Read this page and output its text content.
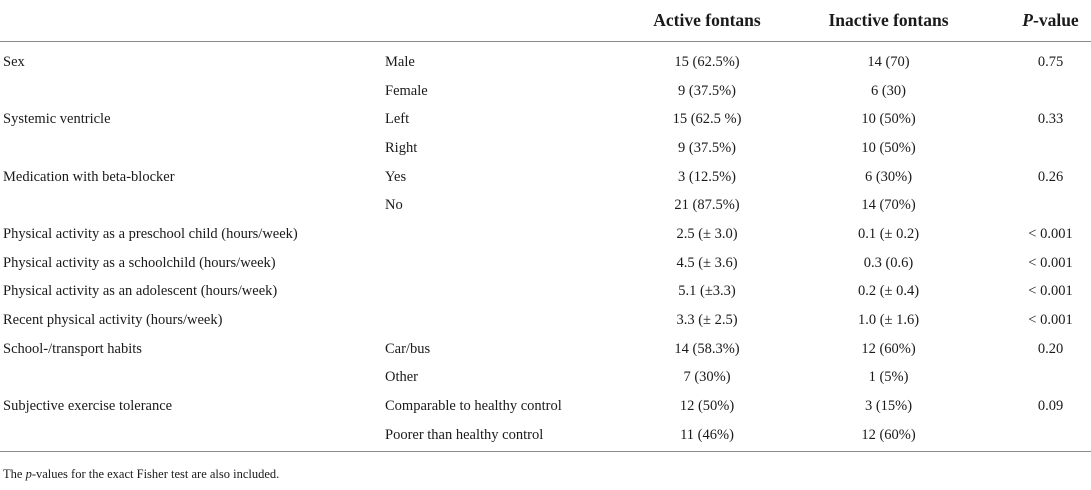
		Active fontans	Inactive fontans	P-value
Sex	Male	15 (62.5%)	14 (70)	0.75
	Female	9 (37.5%)	6 (30)	
Systemic ventricle	Left	15 (62.5 %)	10 (50%)	0.33
	Right	9 (37.5%)	10 (50%)	
Medication with beta-blocker	Yes	3 (12.5%)	6 (30%)	0.26
	No	21 (87.5%)	14 (70%)	
Physical activity as a preschool child (hours/week)		2.5 (± 3.0)	0.1 (± 0.2)	< 0.001
Physical activity as a schoolchild (hours/week)		4.5 (± 3.6)	0.3 (0.6)	< 0.001
Physical activity as an adolescent (hours/week)		5.1 (±3.3)	0.2 (± 0.4)	< 0.001
Recent physical activity (hours/week)		3.3 (± 2.5)	1.0 (± 1.6)	< 0.001
School-/transport habits	Car/bus	14 (58.3%)	12 (60%)	0.20
	Other	7 (30%)	1 (5%)	
Subjective exercise tolerance	Comparable to healthy control	12 (50%)	3 (15%)	0.09
	Poorer than healthy control	11 (46%)	12 (60%)	
The p-values for the exact Fisher test are also included.
